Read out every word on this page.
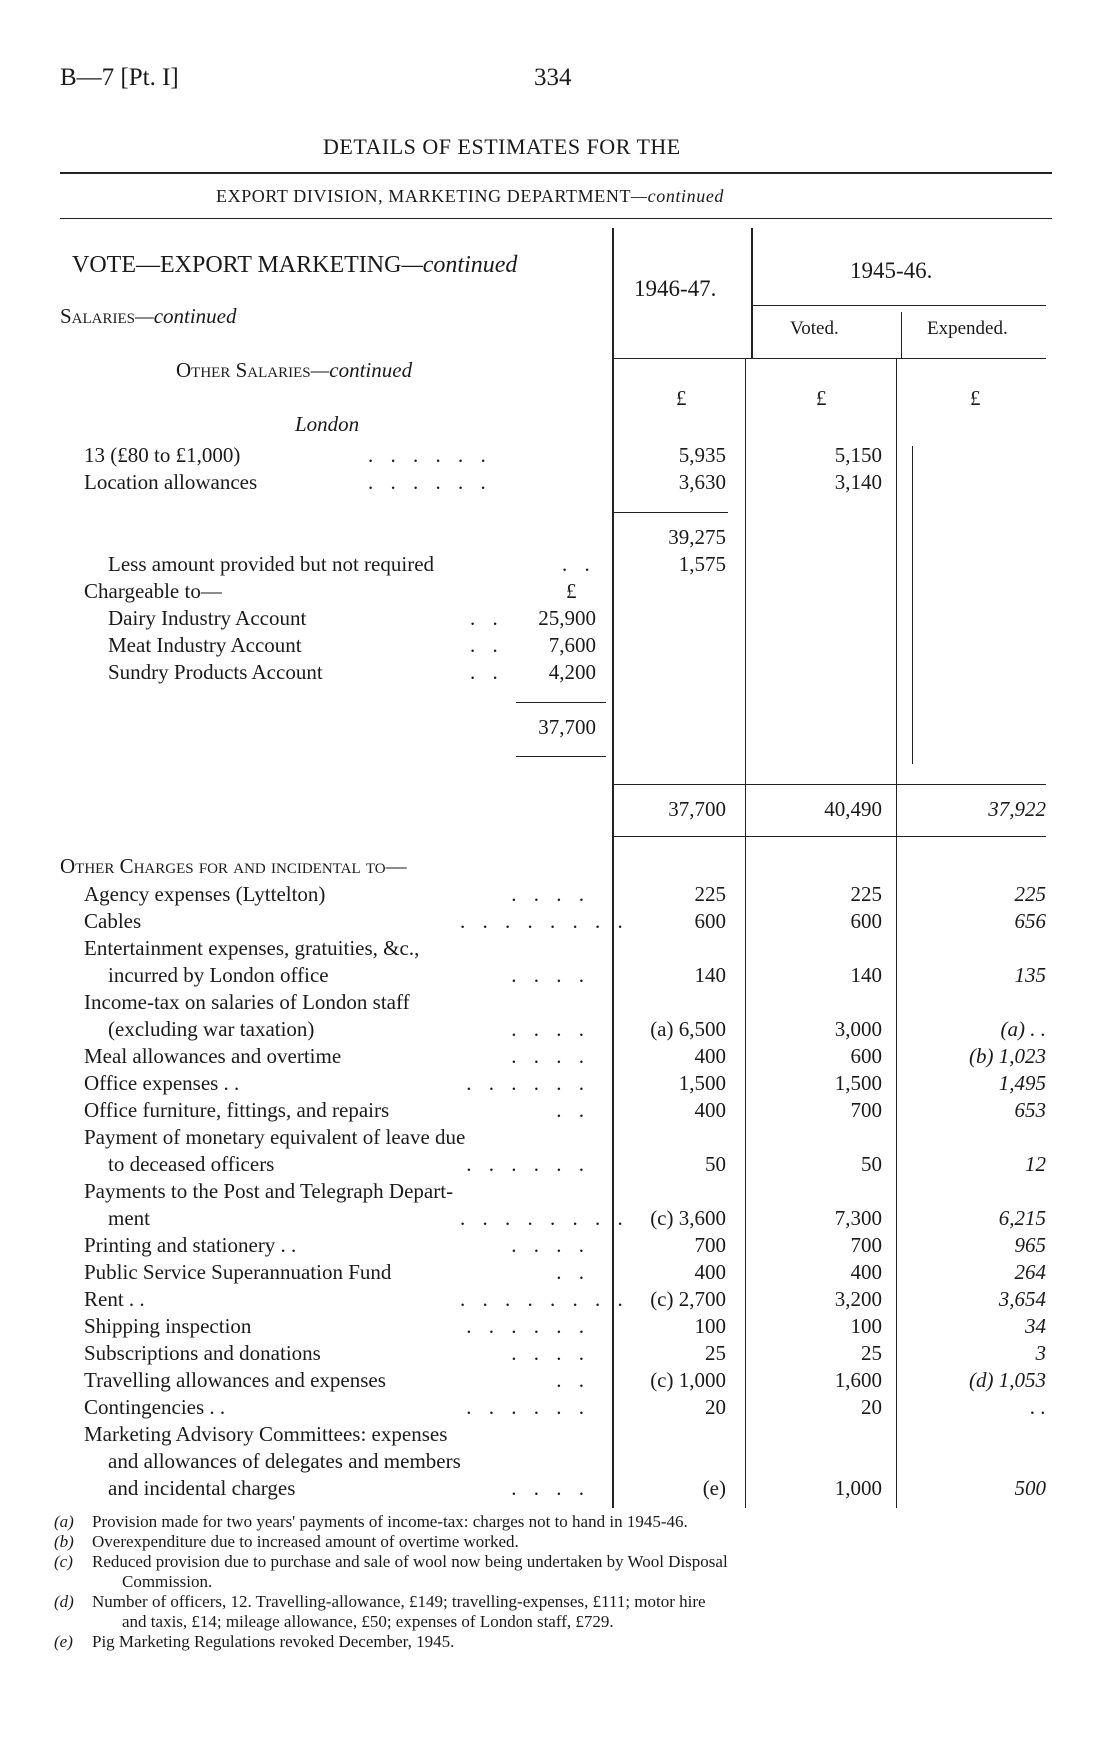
B—7 [Pt. I]	334
DETAILS OF ESTIMATES FOR THE
EXPORT DIVISION, MARKETING DEPARTMENT—continued
1946-47.
1945-46.
Voted.	Expended.
£	£	£
VOTE—EXPORT MARKETING—continued
Salaries—continued
Other Salaries—continued
London
13 (£80 to £1,000)	. . . . . .	5,935	5,150
Location allowances	. . . . . .	3,630	3,140
39,275
Less amount provided but not required	. .	1,575
Chargeable to—	£
Dairy Industry Account	. .	25,900
Meat Industry Account	. .	7,600
Sundry Products Account	. .	4,200
37,700
37,700	40,490	37,922
Other Charges for and incidental to—
Agency expenses (Lyttelton)	. . . .	225	225	225
Cables	. . . . . . . .	600	600	656
Entertainment expenses, gratuities, &c.,
incurred by London office	. . . .	140	140	135
Income-tax on salaries of London staff
(excluding war taxation)	. . . .	(a) 6,500	3,000	(a) . .
Meal allowances and overtime	. . . .	400	600	(b) 1,023
Office expenses . .	. . . . . .	1,500	1,500	1,495
Office furniture, fittings, and repairs	. .	400	700	653
Payment of monetary equivalent of leave due
to deceased officers	. . . . . .	50	50	12
Payments to the Post and Telegraph Depart-
ment	. . . . . . . .	(c) 3,600	7,300	6,215
Printing and stationery . .	. . . .	700	700	965
Public Service Superannuation Fund	. .	400	400	264
Rent . .	. . . . . . . .	(c) 2,700	3,200	3,654
Shipping inspection	. . . . . .	100	100	34
Subscriptions and donations	. . . .	25	25	3
Travelling allowances and expenses	. .	(c) 1,000	1,600	(d) 1,053
Contingencies . .	. . . . . .	20	20	. .
Marketing Advisory Committees: expenses
and allowances of delegates and members
and incidental charges	. . . .	(e)	1,000	500
(a) Provision made for two years' payments of income-tax: charges not to hand in 1945-46.
(b) Overexpenditure due to increased amount of overtime worked.
(c) Reduced provision due to purchase and sale of wool now being undertaken by Wool Disposal
Commission.
(d) Number of officers, 12. Travelling-allowance, £149; travelling-expenses, £111; motor hire
and taxis, £14; mileage allowance, £50; expenses of London staff, £729.
(e) Pig Marketing Regulations revoked December, 1945.
